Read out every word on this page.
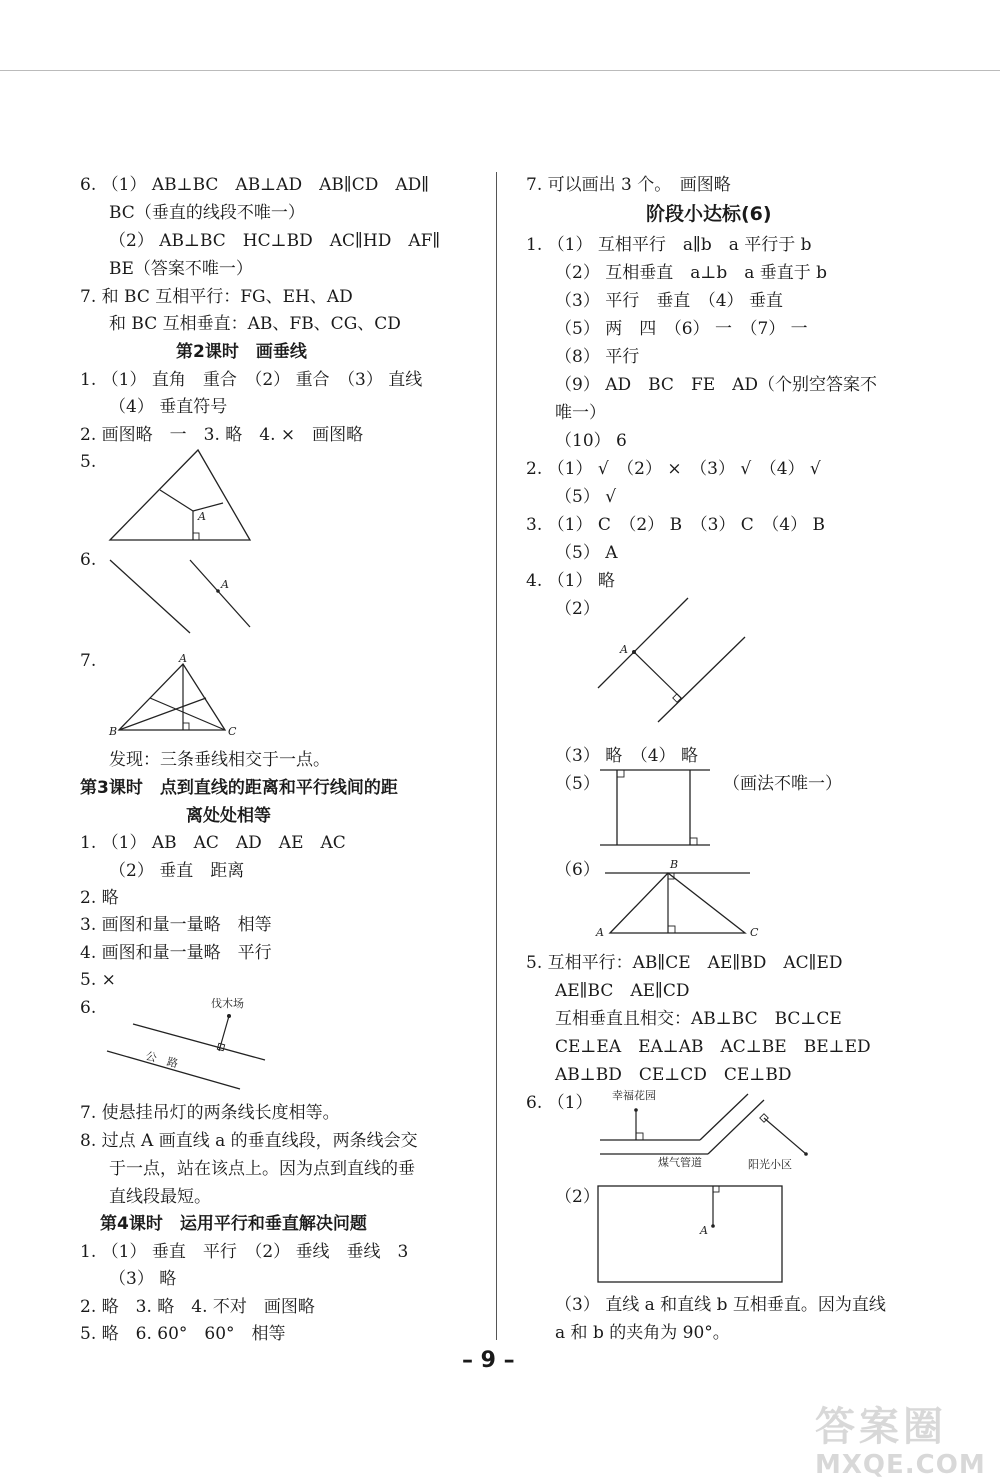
6. （1） AB⊥BC　AB⊥AD　AB∥CD　AD∥
BC（垂直的线段不唯一）
（2） AB⊥BC　HC⊥BD　AC∥HD　AF∥
BE（答案不唯一）
7. 和 BC 互相平行：FG、EH、AD
和 BC 互相垂直：AB、FB、CG、CD
第2课时　画垂线
1. （1） 直角　重合　（2） 重合　（3） 直线
（4） 垂直符号
2. 画图略　一　3. 略　4. ×　画图略
5.
A
6.
A
7.	A
B	C
发现：三条垂线相交于一点。
第3课时　点到直线的距离和平行线间的距
离处处相等
1. （1） AB　AC　AD　AE　AC
（2） 垂直　距离
2. 略
3. 画图和量一量略　相等
4. 画图和量一量略　平行
5. ×
6.	伐木场
公　路
7. 使悬挂吊灯的两条线长度相等。
8. 过点 A 画直线 a 的垂直线段，两条线会交
于一点，站在该点上。因为点到直线的垂
直线段最短。
第4课时　运用平行和垂直解决问题
1. （1） 垂直　平行　（2） 垂线　垂线　3
（3） 略
2. 略　3. 略　4. 不对　画图略
5. 略　6. 60°　60°　相等
7. 可以画出 3 个。　画图略
阶段小达标(6)
1. （1） 互相平行　a∥b　a 平行于 b
（2） 互相垂直　a⊥b　a 垂直于 b
（3） 平行　垂直　（4） 垂直
（5） 两　四　（6） 一　（7） 一
（8） 平行
（9） AD　BC　FE　AD（个别空答案不
唯一）
（10） 6
2. （1） √　（2） ×　（3） √　（4） √
（5） √
3. （1） C　（2） B　（3） C　（4） B
（5） A
4. （1） 略
（2）
A
（3） 略　（4） 略
（5）	（画法不唯一）
（6）	B
A	C
5. 互相平行：AB∥CE　AE∥BD　AC∥ED
AE∥BC　AE∥CD
互相垂直且相交：AB⊥BC　BC⊥CE
CE⊥EA　EA⊥AB　AC⊥BE　BE⊥ED
AB⊥BD　CE⊥CD　CE⊥BD
6. （1） 幸福花园
煤气管道	阳光小区
（2）
A
（3） 直线 a 和直线 b 互相垂直。因为直线
a 和 b 的夹角为 90°。
– 9 –
答案圈
MXQE.COM
